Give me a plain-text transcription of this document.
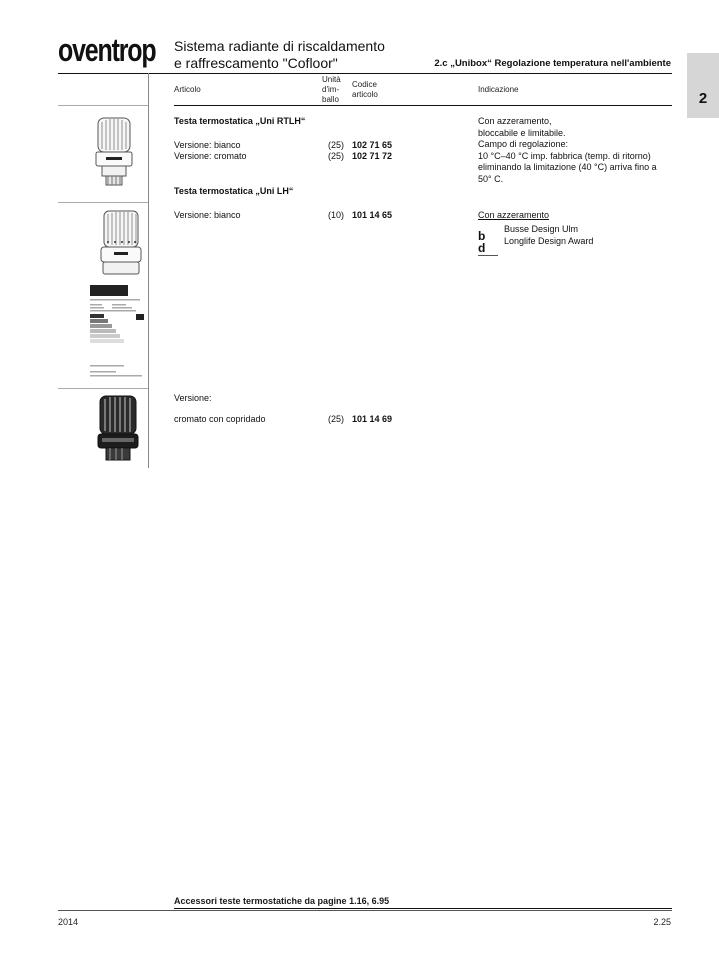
oventrop Sistema radiante di riscaldamento
e raffrescamento "Cofloor"	2.c „Unibox“ Regolazione temperatura nell'ambiente
2
Articolo
Unità
d'im-
ballo
Codice
articolo
Indicazione
Testa termostatica „Uni RTLH“
Versione: bianco	(25) 102 71 65
Versione: cromato	(25) 102 71 72
Con azzeramento,
bloccabile e limitabile.
Campo di regolazione:
10 °C–40 °C imp. fabbrica (temp. di ritorno)
eliminando la limitazione (40 °C) arriva fino a
50° C.
Testa termostatica „Uni LH“
Versione: bianco	(10) 101 14 65	Con azzeramento
b d
Busse Design Ulm
Longlife Design Award
Versione:
cromato con copridado	(25) 101 14 69
Accessori teste termostatiche da pagine 1.16, 6.95
2014	2.25
